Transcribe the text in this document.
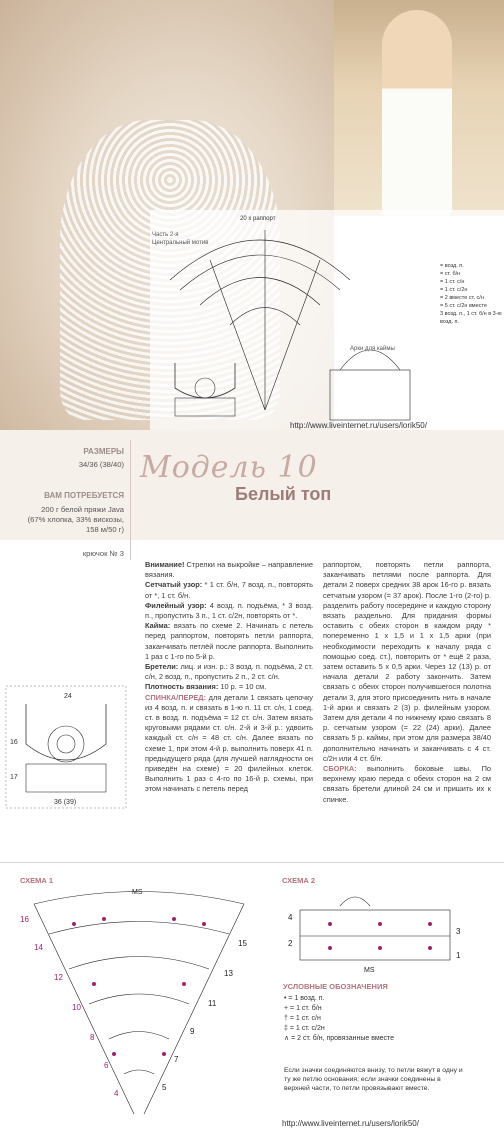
20 х раппорт
Часть 2-я
Центральный мотив
= возд. п.
= ст. б/н
= 1 ст. с/н
= 1 ст. с/2н
= 2 вместе ст. с/н
= 5 ст. с/2н вместе
3 возд. п., 1 ст. б/н в 3-ю возд. п.
Арки для каймы
http://www.liveinternet.ru/users/lorik50/
РАЗМЕРЫ
34/36 (38/40)
ВАМ ПОТРЕБУЕТСЯ
200 г белой пряжи Java
(67% хлопка, 33% вискозы,
158 м/50 г)
крючок № 3
Модель 10
Белый топ
24
16
17
36 (39)

Внимание! Стрелки на выкройке – направление вязания.

Сетчатый узор: * 1 ст. б/н, 7 возд. п., повторять от *, 1 ст. б/н.

Филейный узор: 4 возд. п. подъёма, * 3 возд. п., пропустить 3 п., 1 ст. с/2н, повторять от *.

Кайма: вязать по схеме 2. Начинать с петель перед раппортом, повторять петли раппорта, заканчивать петлёй после раппорта. Выполнить 1 раз с 1-го по 5-й р.

Бретели: лиц. и изн. р.: 3 возд. п. подъёма, 2 ст. с/н, 2 возд. п., пропустить 2 п., 2 ст. с/н.

Плотность вязания: 10 р. = 10 см.

СПИНКА/ПЕРЕД: для детали 1 связать цепочку из 4 возд. п. и связать в 1-ю п. 11 ст. с/н, 1 соед. ст. в возд. п. подъёма = 12 ст. с/н. Затем вязать круговыми рядами ст. с/н. 2-й и 3-й р.: удвоить каждый ст. с/н = 48 ст. с/н. Далее вязать по схеме 1, при этом 4-й р. выполнить поверх 41 п. предыдущего ряда (для лучшей наглядности он приведён на схеме) = 20 филейных клеток. Выполнить 1 раз с 4-го по 16-й р. схемы, при этом начинать с петель перед

раппортом, повторять петли раппорта, заканчивать петлями после раппорта. Для детали 2 поверх средних 38 арок 16-го р. вязать сетчатым узором (= 37 арок). После 1-го (2-го) р. разделить работу посередине и каждую сторону вязать раздельно. Для придания формы оставить с обеих сторон в каждом ряду * попеременно 1 х 1,5 и 1 х 1,5 арки (при необходимости переходить к началу ряда с помощью соед. ст.), повторить от * ещё 2 раза, затем оставить 5 х 0,5 арки. Через 12 (13) р. от начала детали 2 работу закончить. Затем связать с обеих сторон получившегося полотна детали 3, для этого присоединить нить в начале 1-й арки и связать 2 (3) р. филейным узором. Затем для детали 4 по нижнему краю связать 8 р. сетчатым узором (= 22 (24) арки). Далее связать 5 р. каймы, при этом для размера 38/40 дополнительно начинать и заканчивать с 4 ст. с/2н или 4 ст. б/н.

СБОРКА: выполнить боковые швы. По верхнему краю переда с обеих сторон на 2 см связать бретели длиной 24 см и пришить их к спинке.

СХЕМА 1	СХЕМА 2
MS
16
15
14
13
12
11
10
9
8
7
6
5
4
4
2
3
1
MS
УСЛОВНЫЕ ОБОЗНАЧЕНИЯ
• = 1 возд. п.
+ = 1 ст. б/н
† = 1 ст. с/н
‡ = 1 ст. с/2н
∧ = 2 ст. б/н, провязанные вместе
Если значки соединяются внизу, то петли вяжут в одну и ту же петлю основания; если значки соединены в верхней части, то петли провязывают вместе.
http://www.liveinternet.ru/users/lorik50/
